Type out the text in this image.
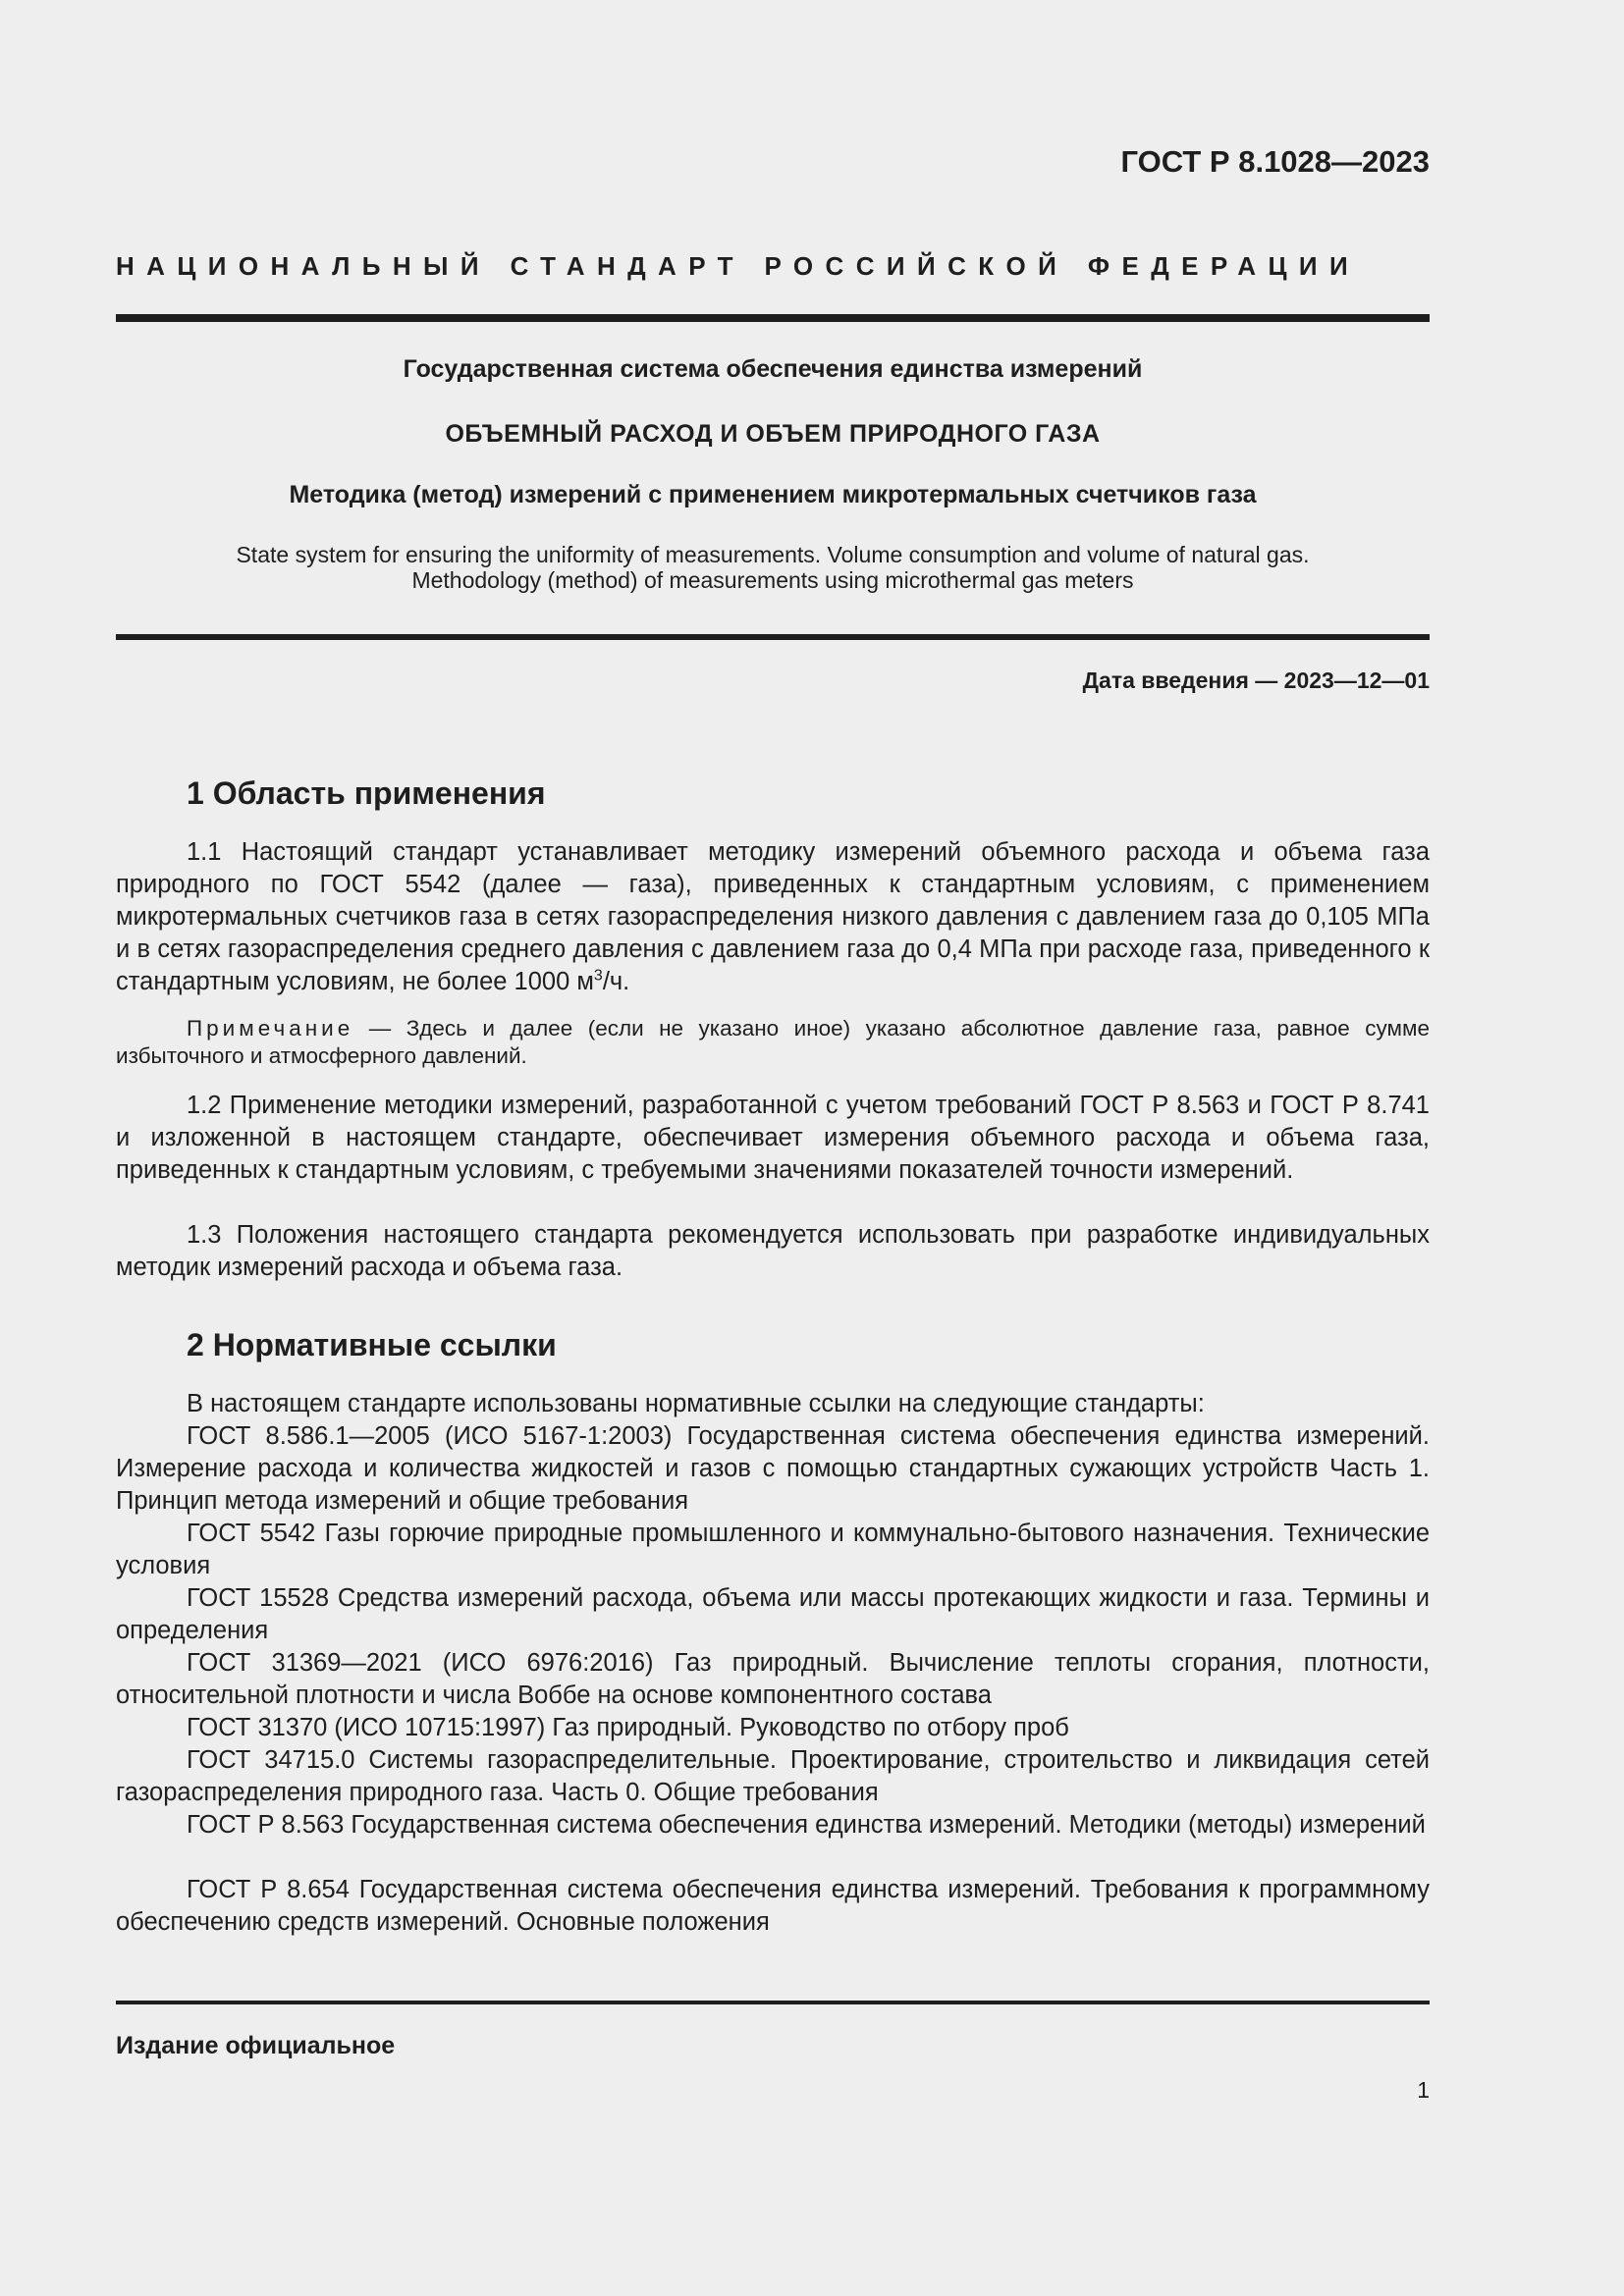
ГОСТ Р 8.1028—2023
НАЦИОНАЛЬНЫЙ СТАНДАРТ РОССИЙСКОЙ ФЕДЕРАЦИИ
Государственная система обеспечения единства измерений
ОБЪЕМНЫЙ РАСХОД И ОБЪЕМ ПРИРОДНОГО ГАЗА
Методика (метод) измерений с применением микротермальных счетчиков газа
State system for ensuring the uniformity of measurements. Volume consumption and volume of natural gas.
Methodology (method) of measurements using microthermal gas meters
Дата введения — 2023—12—01
1 Область применения
1.1 Настоящий стандарт устанавливает методику измерений объемного расхода и объема газа природного по ГОСТ 5542 (далее — газа), приведенных к стандартным условиям, с применением микротермальных счетчиков газа в сетях газораспределения низкого давления с давлением газа до 0,105 МПа и в сетях газораспределения среднего давления с давлением газа до 0,4 МПа при расходе газа, приведенного к стандартным условиям, не более 1000 $м^3/ч$.
Примечание — Здесь и далее (если не указано иное) указано абсолютное давление газа, равное сумме избыточного и атмосферного давлений.
1.2 Применение методики измерений, разработанной с учетом требований ГОСТ Р 8.563 и ГОСТ Р 8.741 и изложенной в настоящем стандарте, обеспечивает измерения объемного расхода и объема газа, приведенных к стандартным условиям, с требуемыми значениями показателей точности измерений.
1.3 Положения настоящего стандарта рекомендуется использовать при разработке индивидуальных методик измерений расхода и объема газа.
2 Нормативные ссылки
В настоящем стандарте использованы нормативные ссылки на следующие стандарты:
ГОСТ 8.586.1—2005 (ИСО 5167-1:2003) Государственная система обеспечения единства измерений. Измерение расхода и количества жидкостей и газов с помощью стандартных сужающих устройств Часть 1. Принцип метода измерений и общие требования
ГОСТ 5542 Газы горючие природные промышленного и коммунально-бытового назначения. Технические условия
ГОСТ 15528 Средства измерений расхода, объема или массы протекающих жидкости и газа. Термины и определения
ГОСТ 31369—2021 (ИСО 6976:2016) Газ природный. Вычисление теплоты сгорания, плотности, относительной плотности и числа Воббе на основе компонентного состава
ГОСТ 31370 (ИСО 10715:1997) Газ природный. Руководство по отбору проб
ГОСТ 34715.0 Системы газораспределительные. Проектирование, строительство и ликвидация сетей газораспределения природного газа. Часть 0. Общие требования
ГОСТ Р 8.563 Государственная система обеспечения единства измерений. Методики (методы) измерений
ГОСТ Р 8.654 Государственная система обеспечения единства измерений. Требования к программному обеспечению средств измерений. Основные положения
Издание официальное
1
